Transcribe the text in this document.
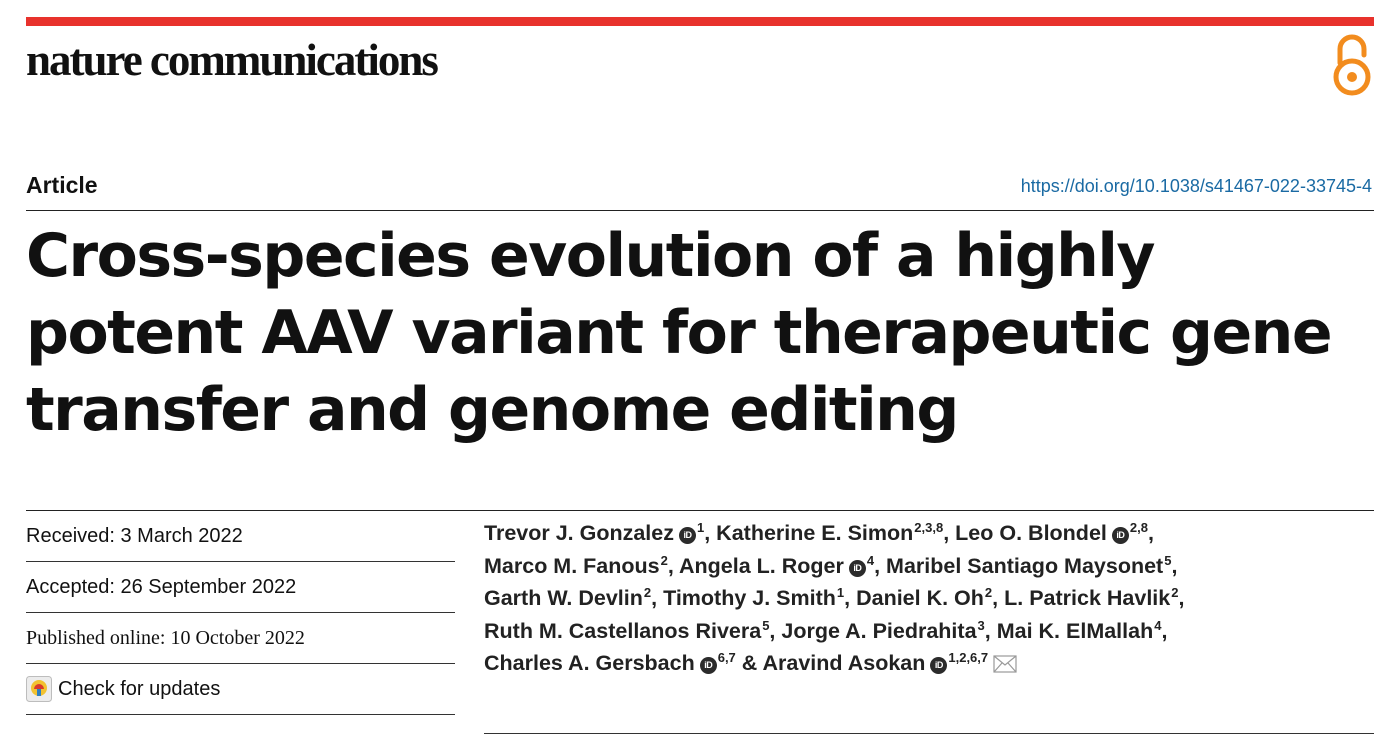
nature communications
Article	https://doi.org/10.1038/s41467-022-33745-4
Cross-species evolution of a highly potent AAV variant for therapeutic gene transfer and genome editing
Received: 3 March 2022
Accepted: 26 September 2022
Published online: 10 October 2022
Check for updates
Trevor J. Gonzalez iD $^1$, Katherine E. Simon$^{2,3,8}$, Leo O. Blondel iD $^{2,8}$,
Marco M. Fanous$^2$, Angela L. Roger iD $^4$, Maribel Santiago Maysonet$^5$,
Garth W. Devlin$^2$, Timothy J. Smith$^1$, Daniel K. Oh$^2$, L. Patrick Havlik$^2$,
Ruth M. Castellanos Rivera$^5$, Jorge A. Piedrahita$^3$, Mai K. ElMallah$^4$,
Charles A. Gersbach iD $^{6,7}$ & Aravind Asokan iD $^{1,2,6,7}$
